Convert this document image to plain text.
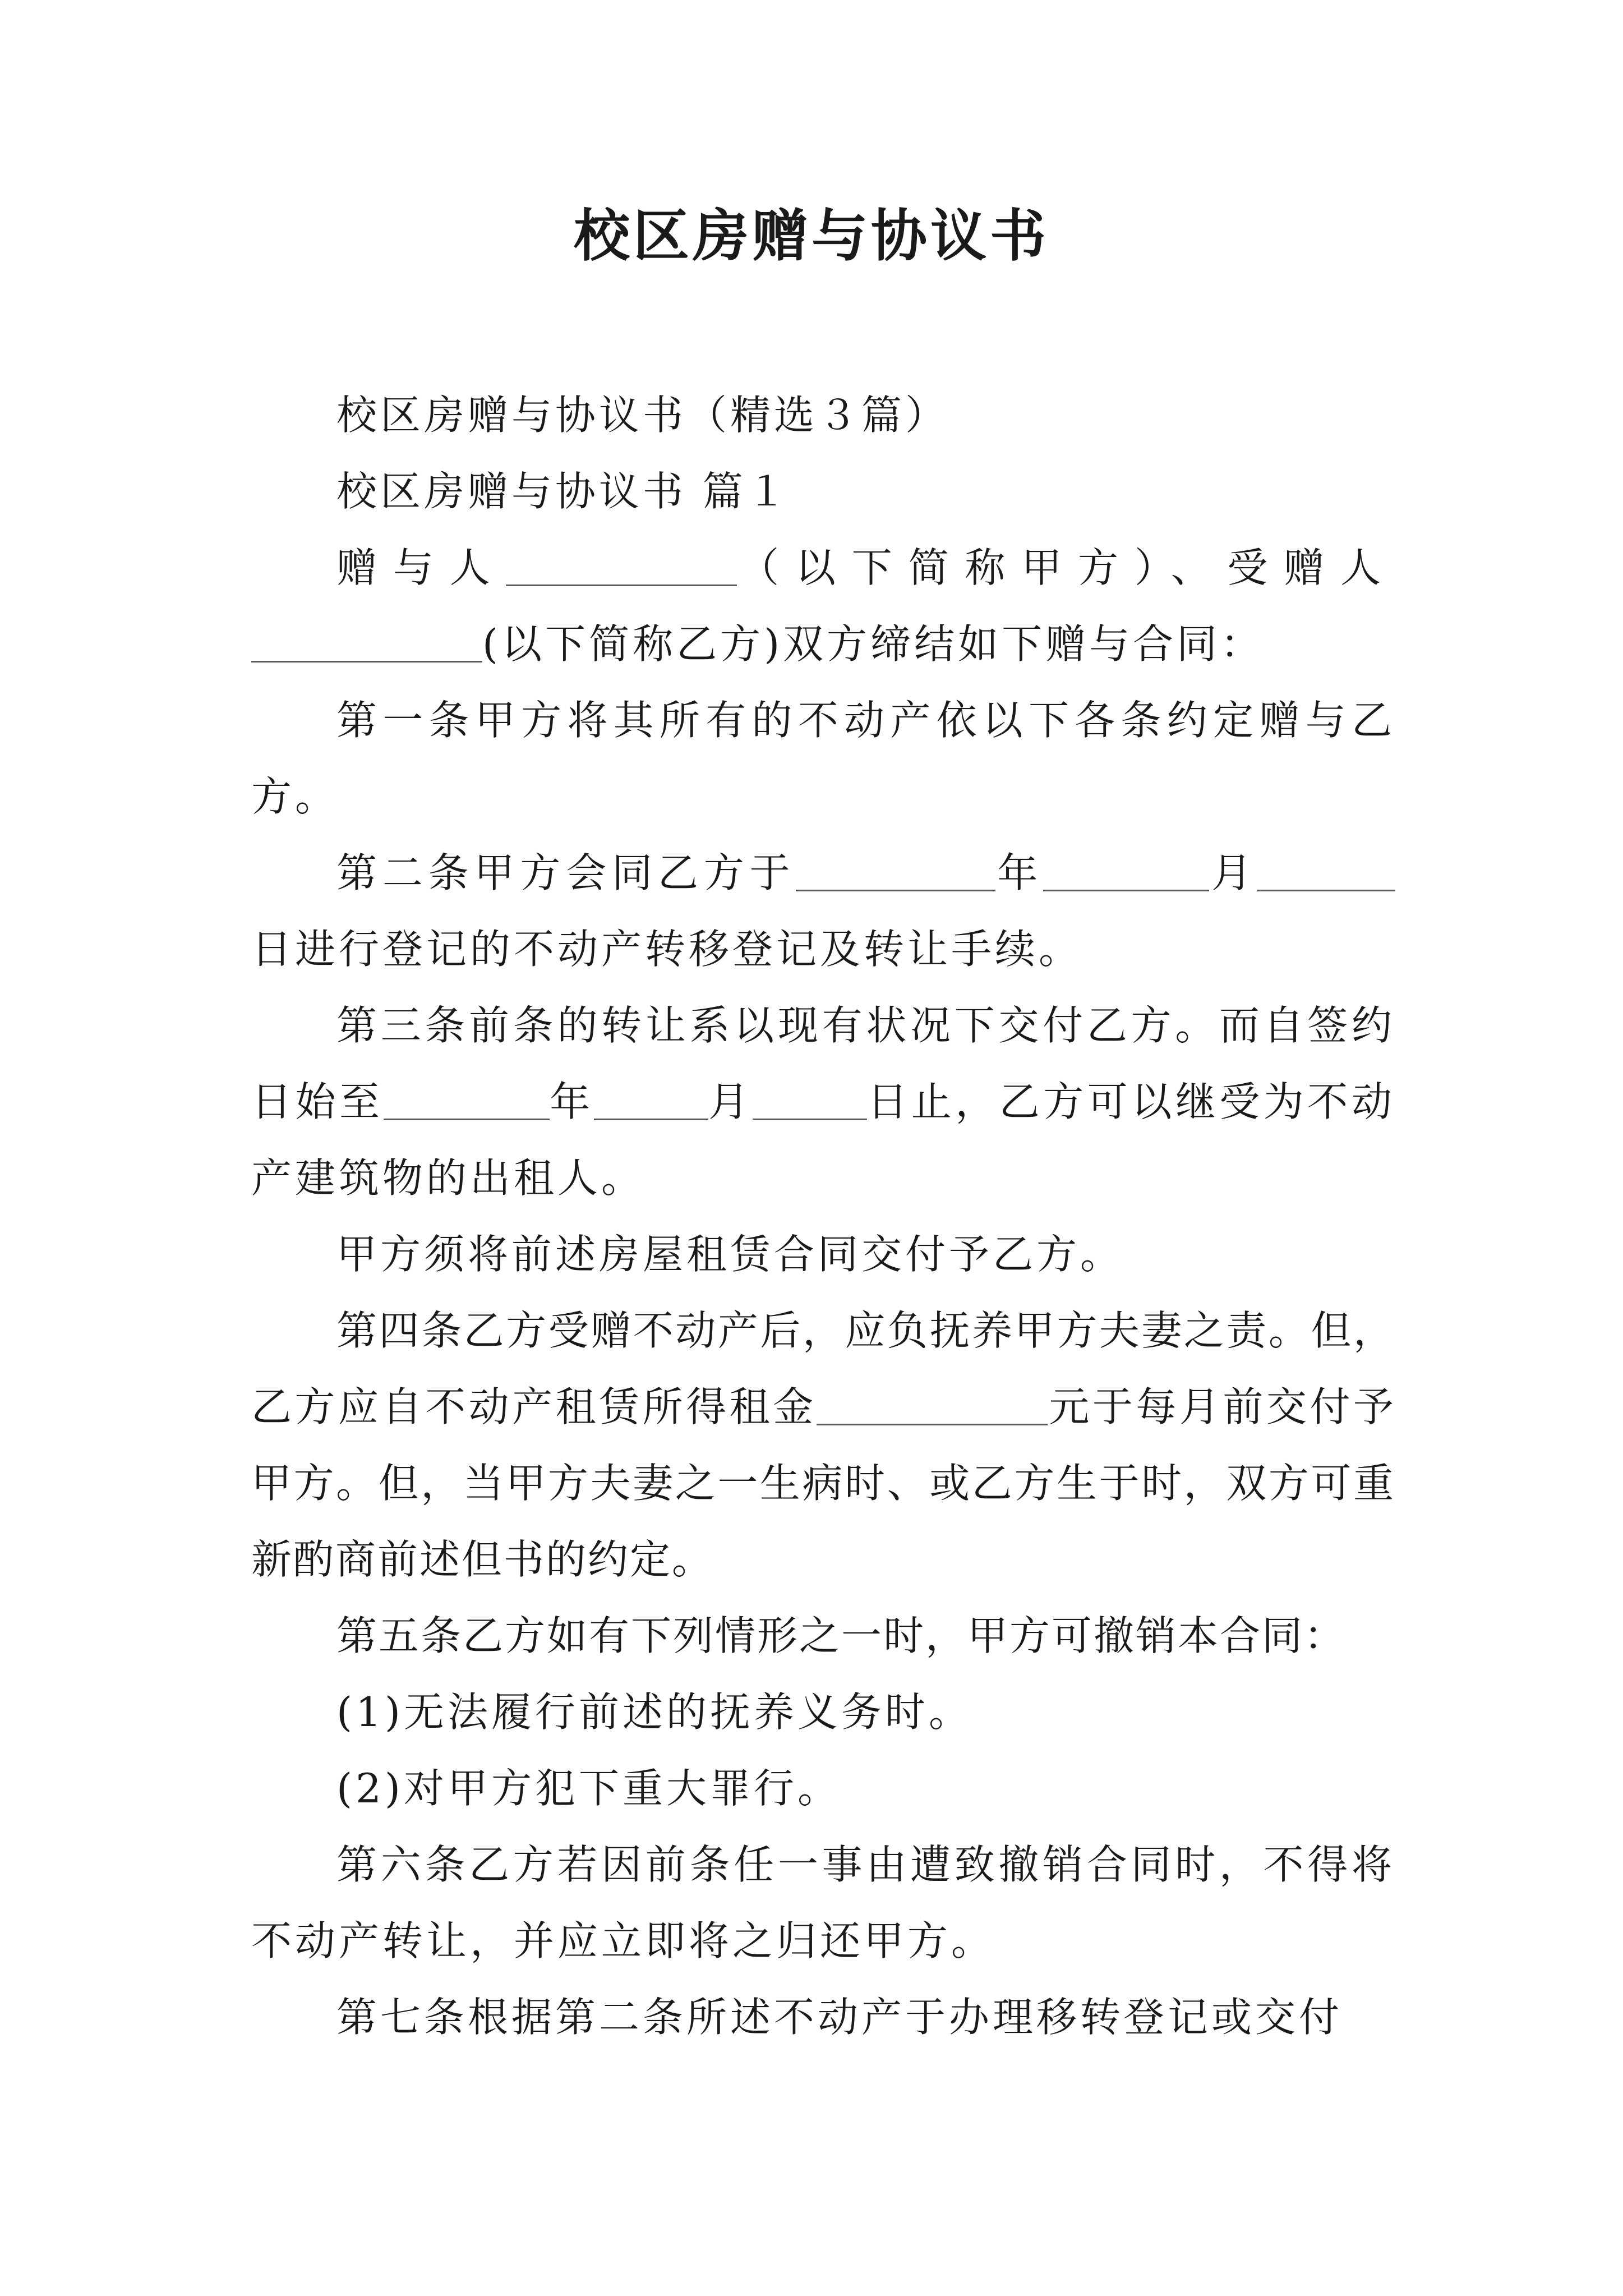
校区房赠与协议书

校区房赠与协议书（精选３篇）

校区房赠与协议书 篇１

赠与人	（以下简称甲方）、受赠人(以下简称乙方)双方缔结如下赠与合同：

第一条甲方将其所有的不动产依以下各条约定赠与乙方。

第二条甲方会同乙方于	年	月日进行登记的不动产转移登记及转让手续。

第三条前条的转让系以现有状况下交付乙方。而自签约日始至	年	月	日止，乙方可以继受为不动产建筑物的出租人。

甲方须将前述房屋租赁合同交付予乙方。

第四条乙方受赠不动产后，应负抚养甲方夫妻之责。但，乙方应自不动产租赁所得租金	元于每月前交付予甲方。但，当甲方夫妻之一生病时、或乙方生于时，双方可重新酌商前述但书的约定。

第五条乙方如有下列情形之一时，甲方可撤销本合同：

(1)无法履行前述的抚养义务时。

(2)对甲方犯下重大罪行。

第六条乙方若因前条任一事由遭致撤销合同时，不得将不动产转让，并应立即将之归还甲方。

第七条根据第二条所述不动产于办理移转登记或交付
